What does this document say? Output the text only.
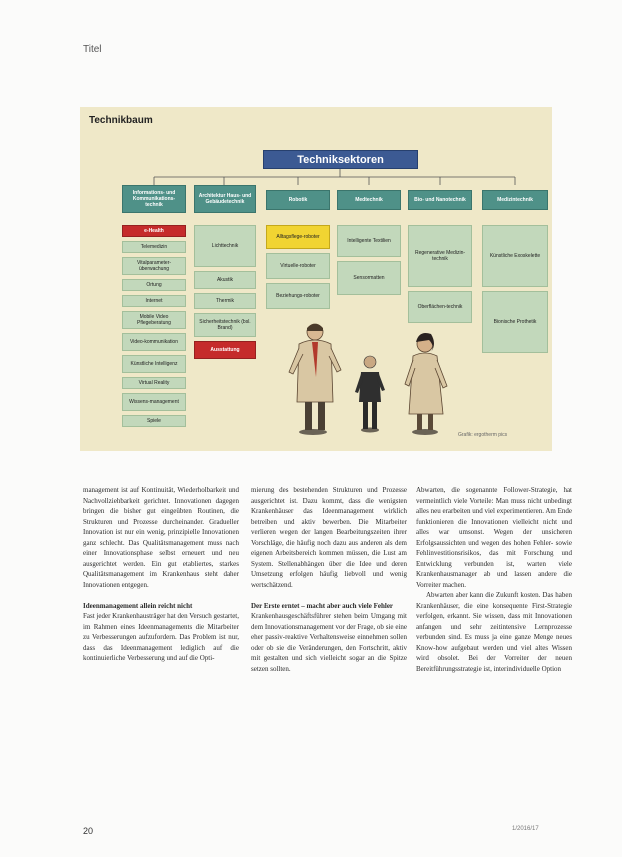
Titel
Technikbaum
Techniksektoren
Informations- und Kommunikations-technik
Architektur Haus- und Gebäudetechnik	Robotik	Medtechnik	Bio- und Nanotechnik	Medizintechnik
e-Health
Telemedizin
Vitalparameter-überwachung
Ortung
Internet
Mobile Video Pflegeberatung
Video-kommunikation
Künstliche Intelligenz
Virtual Reality
Wissens-management
Spiele
Lichttechnik
Akustik
Thermik
Sicherheitstechnik (bsl. Brand)
Ausstattung
Alltagsflege-roboter
Virtuelle-roboter
Beziehungs-roboter
Intelligente Textilien
Sensormatten
Regenerative Medizin-technik
Oberflächen-technik
Künstliche Exoskelette
Bionische Prothetik
Grafik: ergotherm pics

management ist auf Kontinuität, Wiederholbarkeit und Nachvollziehbarkeit gerichtet. Innovationen dagegen bringen die bisher gut eingeübten Routinen, die Strukturen und Prozesse durcheinander. Gradueller Innovation ist nur ein wenig, prinzipielle Innovationen ganz schlecht. Das Qualitätsmanagement muss nach einer Innovationsphase selbst erneuert und neu ausgerichtet werden. Ein gut etabliertes, starkes Qualitätsmanagement im Krankenhaus steht daher Innovationen entgegen.

Ideenmanagement allein reicht nicht

Fast jeder Krankenhausträger hat den Versuch gestartet, im Rahmen eines Ideenmanagements die Mitarbeiter zu Verbesserungen aufzufordern. Das Problem ist nur, dass das Ideenmanagement lediglich auf die kontinuierliche Verbesserung und auf die Opti-

mierung des bestehenden Strukturen und Prozesse ausgerichtet ist. Dazu kommt, dass die wenigsten Krankenhäuser das Ideenmanagement wirklich betreiben und aktiv bewerben. Die Mitarbeiter verlieren wegen der langen Bearbeitungszeiten ihrer Vorschläge, die häufig noch dazu aus anderen als dem eigenen Arbeitsbereich kommen müssen, die Lust am System. Stellenabhängen über die Idee und deren Umsetzung erfolgen häufig liebvoll und wenig wertschätzend.

Der Erste erntet – macht aber auch viele Fehler

Krankenhausgeschäftsführer stehen beim Umgang mit dem Innovationsmanagement vor der Frage, ob sie eine eher passiv-reaktive Verhaltensweise einnehmen sollen oder ob sie die Veränderungen, den Fortschritt, aktiv mit gestalten und sich vielleicht sogar an die Spitze setzen sollten.

Abwarten, die sogenannte Follower-Strategie, hat vermeintlich viele Vorteile: Man muss nicht unbedingt alles neu erarbeiten und viel experimentieren. Am Ende funktionieren die Innovationen vielleicht nicht und alles war umsonst. Wegen der unsicheren Erfolgsaussichten und wegen des hohen Fehler- sowie Fehlinvestitionsrisikos, das mit Forschung und Entwicklung verbunden ist, warten viele Krankenhausmanager ab und lassen andere die Vorreiter machen.

Abwarten aber kann die Zukunft kosten. Das haben Krankenhäuser, die eine konsequente First-Strategie verfolgen, erkannt. Sie wissen, dass mit Innovationen anfangen und sehr zeitintensive Lernprozesse verbunden sind. Es muss ja eine ganze Menge neues Know-how aufgebaut werden und viel altes Wissen wird obsolet. Bei der Vorreiter der neuen Bereitführungsstrategie ist, interindividuelle Option

20	1/2016/17
